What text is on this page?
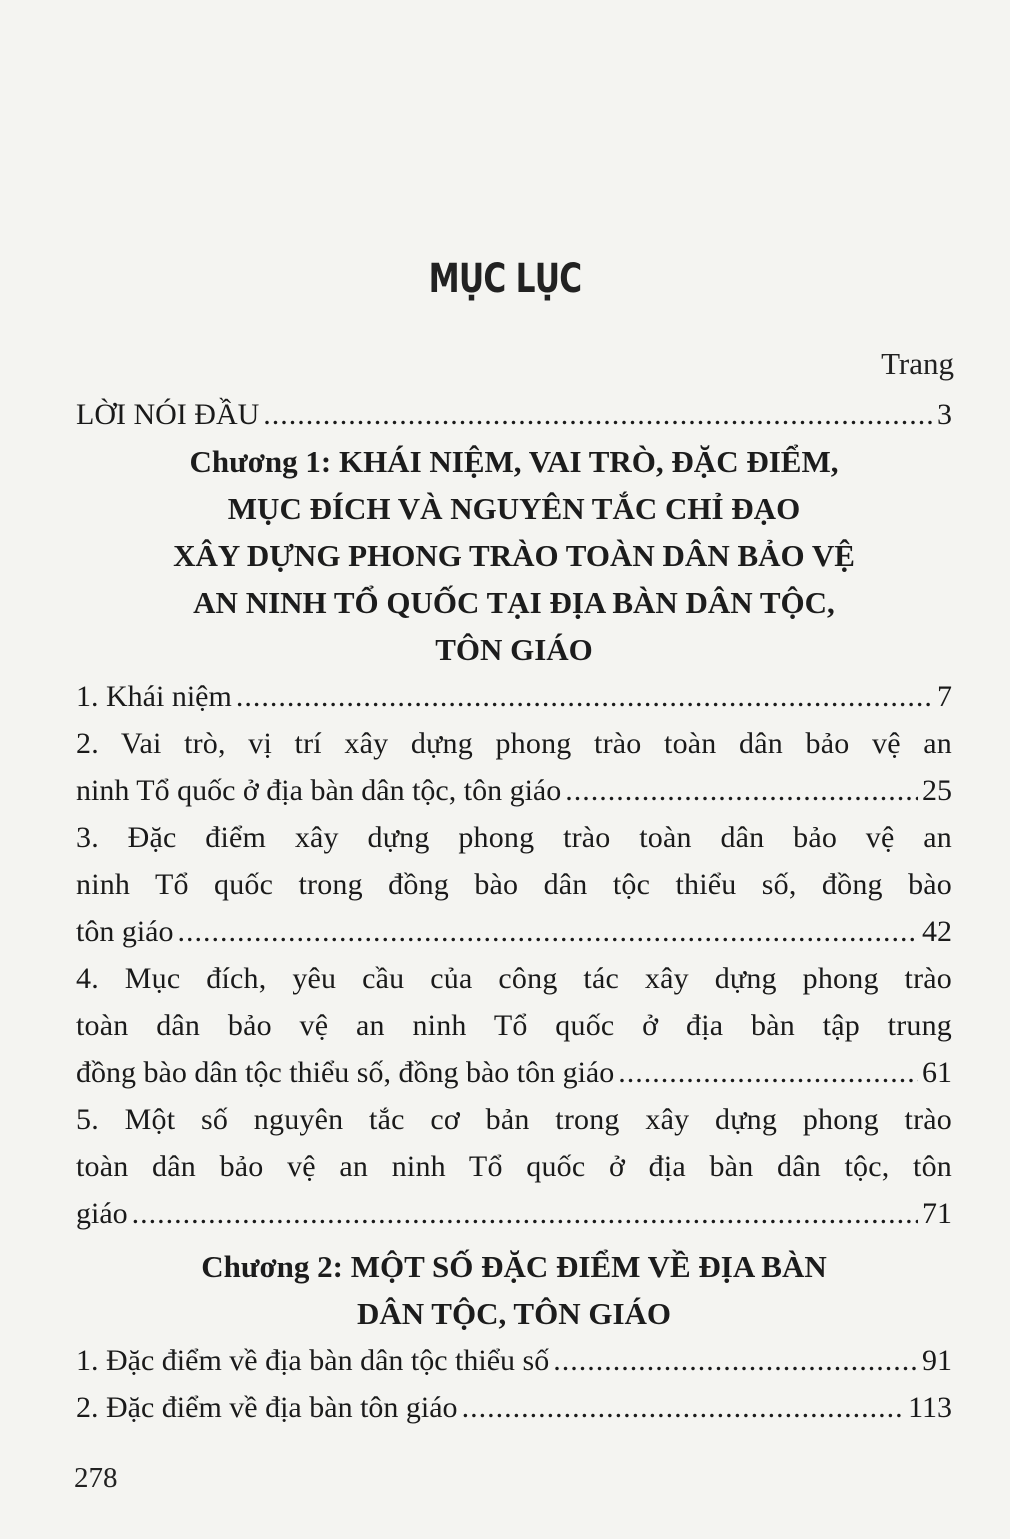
MỤC LỤC
Trang
LỜI NÓI ĐẦU .....	3
Chương 1: KHÁI NIỆM, VAI TRÒ, ĐẶC ĐIỂM,
MỤC ĐÍCH VÀ NGUYÊN TẮC CHỈ ĐẠO
XÂY DỰNG PHONG TRÀO TOÀN DÂN BẢO VỆ
AN NINH TỔ QUỐC TẠI ĐỊA BÀN DÂN TỘC,
TÔN GIÁO
1. Khái niệm .....	7
2. Vai trò, vị trí xây dựng phong trào toàn dân bảo vệ an
ninh Tổ quốc ở địa bàn dân tộc, tôn giáo .....	25
3. Đặc điểm xây dựng phong trào toàn dân bảo vệ an
ninh Tổ quốc trong đồng bào dân tộc thiểu số, đồng bào
tôn giáo .....	42
4. Mục đích, yêu cầu của công tác xây dựng phong trào
toàn dân bảo vệ an ninh Tổ quốc ở địa bàn tập trung
đồng bào dân tộc thiểu số, đồng bào tôn giáo .....	61
5. Một số nguyên tắc cơ bản trong xây dựng phong trào
toàn dân bảo vệ an ninh Tổ quốc ở địa bàn dân tộc, tôn
giáo .....	71
Chương 2: MỘT SỐ ĐẶC ĐIỂM VỀ ĐỊA BÀN
DÂN TỘC, TÔN GIÁO
1. Đặc điểm về địa bàn dân tộc thiểu số .....	91
2. Đặc điểm về địa bàn tôn giáo .....	113
278
